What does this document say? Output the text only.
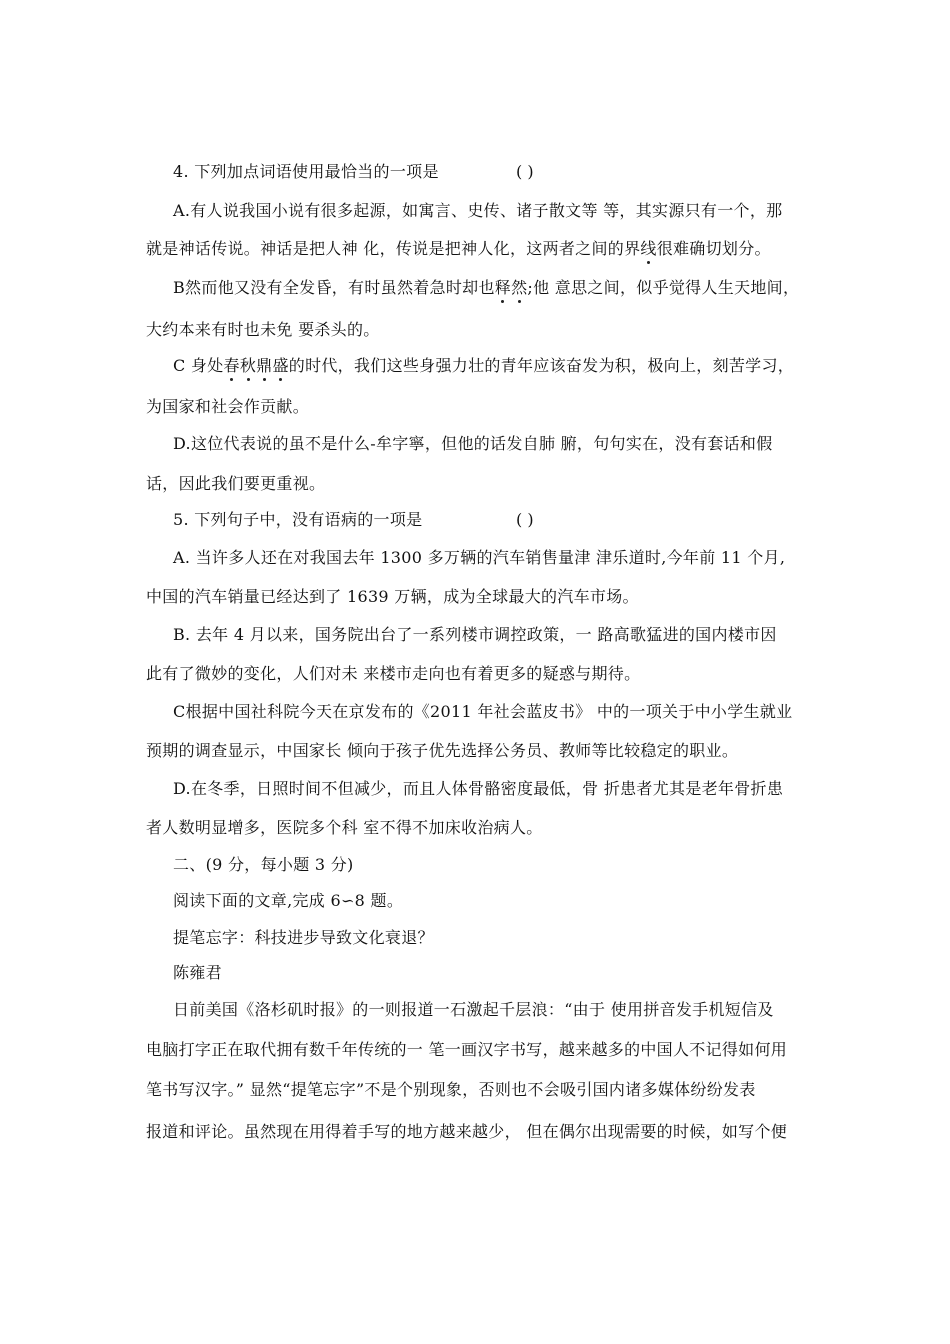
4. 下列加点词语使用最恰当的一项是	( )
A.有人说我国小说有很多起源，如寓言、史传、诸子散文等 等，其实源只有一个，那
就是神话传说。神话是把人神 化，传说是把神人化，这两者之间的界线很难确切划分。
B然而他又没有全发昏，有时虽然着急时却也释然;他 意思之间，似乎觉得人生天地间，
大约本来有时也未免 要杀头的。
C 身处春秋鼎盛的时代，我们这些身强力壮的青年应该奋发为积，极向上，刻苦学习，
为国家和社会作贡献。
D.这位代表说的虽不是什么-牟字寧，但他的话发自肺 腑，句句实在，没有套话和假
话，因此我们要更重视。
5. 下列句子中，没有语病的一项是	( )
A. 当许多人还在对我国去年 1300 多万辆的汽车销售量津 津乐道时,今年前 11 个月,
中国的汽车销量已经达到了 1639 万辆，成为全球最大的汽车市场。
B. 去年 4 月以来，国务院出台了一系列楼市调控政策，一 路高歌猛进的国内楼市因
此有了微妙的变化，人们对未 来楼市走向也有着更多的疑惑与期待。
C根据中国社科院今天在京发布的《2011 年社会蓝皮书》 中的一项关于中小学生就业
预期的调查显示，中国家长 倾向于孩子优先选择公务员、教师等比较稳定的职业。
D.在冬季，日照时间不但减少，而且人体骨骼密度最低，骨 折患者尤其是老年骨折患
者人数明显增多，医院多个科 室不得不加床收治病人。
二、(9 分，每小题 3 分)
阅读下面的文章,完成 6∽8 题。
提笔忘字：科技进步导致文化衰退？
陈雍君
日前美国《洛杉矶时报》的一则报道一石激起千层浪：“由于 使用拼音发手机短信及
电脑打字正在取代拥有数千年传统的一 笔一画汉字书写，越来越多的中国人不记得如何用
笔书写汉字。” 显然“提笔忘字”不是个别现象，否则也不会吸引国内诸多媒体纷纷发表
报道和评论。虽然现在用得着手写的地方越来越少， 但在偶尔出现需要的时候，如写个便
